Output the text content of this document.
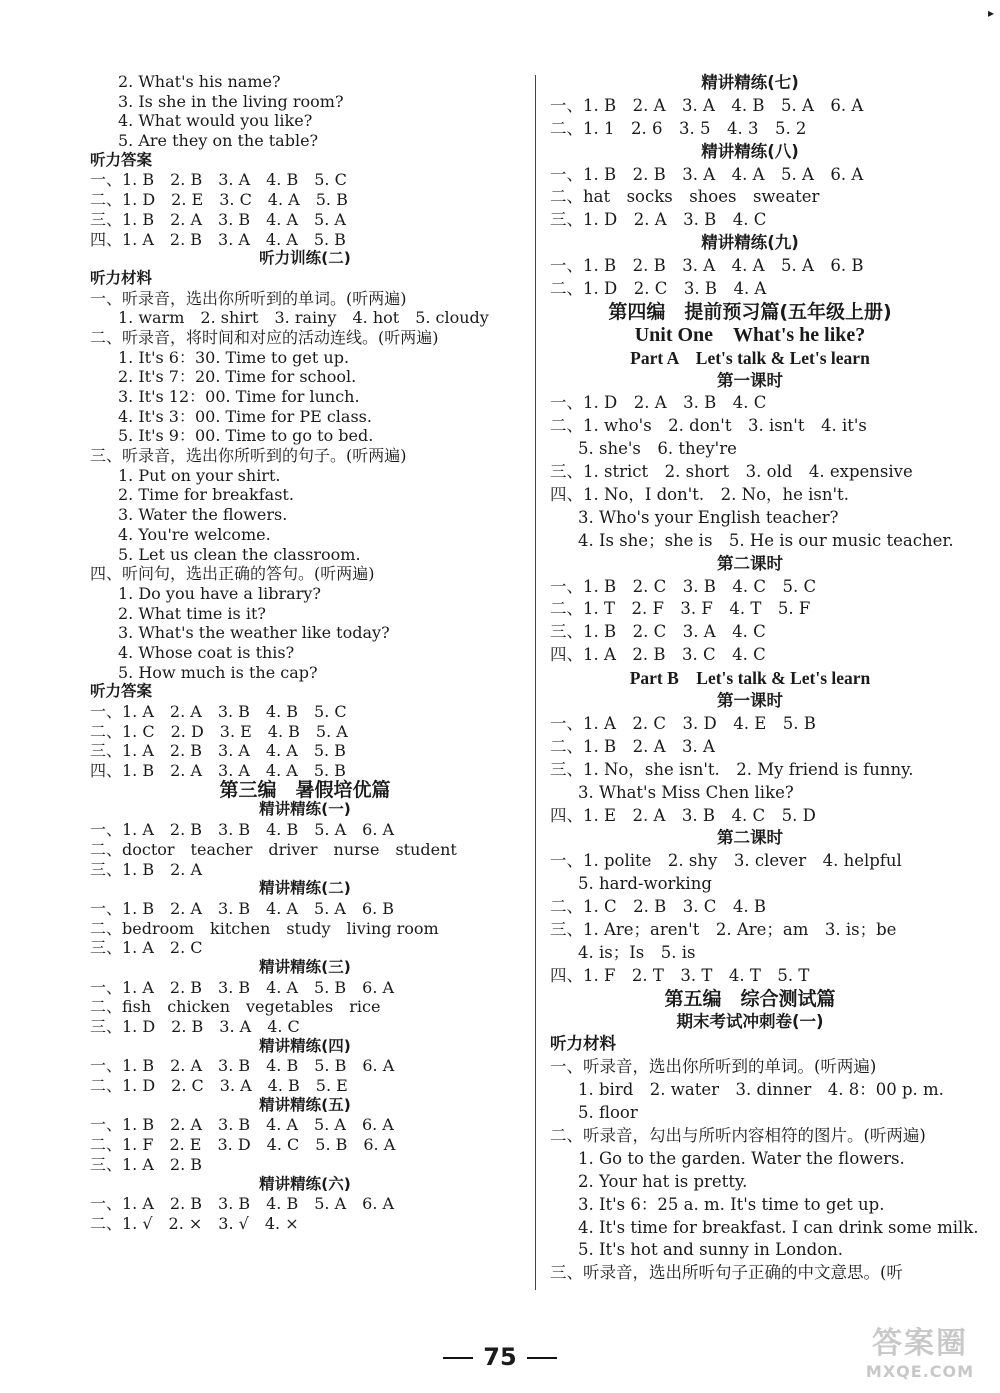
▸
2. What's his name?
3. Is she in the living room?
4. What would you like?
5. Are they on the table?
听力答案
一、1. B　2. B　3. A　4. B　5. C
二、1. D　2. E　3. C　4. A　5. B
三、1. B　2. A　3. B　4. A　5. A
四、1. A　2. B　3. A　4. A　5. B
听力训练(二)
听力材料
一、听录音，选出你所听到的单词。(听两遍)
1. warm　2. shirt　3. rainy　4. hot　5. cloudy
二、听录音，将时间和对应的活动连线。(听两遍)
1. It's 6：30. Time to get up.
2. It's 7：20. Time for school.
3. It's 12：00. Time for lunch.
4. It's 3：00. Time for PE class.
5. It's 9：00. Time to go to bed.
三、听录音，选出你所听到的句子。(听两遍)
1. Put on your shirt.
2. Time for breakfast.
3. Water the flowers.
4. You're welcome.
5. Let us clean the classroom.
四、听问句，选出正确的答句。(听两遍)
1. Do you have a library?
2. What time is it?
3. What's the weather like today?
4. Whose coat is this?
5. How much is the cap?
听力答案
一、1. A　2. A　3. B　4. B　5. C
二、1. C　2. D　3. E　4. B　5. A
三、1. A　2. B　3. A　4. A　5. B
四、1. B　2. A　3. A　4. A　5. B
第三编　暑假培优篇
精讲精练(一)
一、1. A　2. B　3. B　4. B　5. A　6. A
二、doctor　teacher　driver　nurse　student
三、1. B　2. A
精讲精练(二)
一、1. B　2. A　3. B　4. A　5. A　6. B
二、bedroom　kitchen　study　living room
三、1. A　2. C
精讲精练(三)
一、1. A　2. B　3. B　4. A　5. B　6. A
二、fish　chicken　vegetables　rice
三、1. D　2. B　3. A　4. C
精讲精练(四)
一、1. B　2. A　3. B　4. B　5. B　6. A
二、1. D　2. C　3. A　4. B　5. E
精讲精练(五)
一、1. B　2. A　3. B　4. A　5. A　6. A
二、1. F　2. E　3. D　4. C　5. B　6. A
三、1. A　2. B
精讲精练(六)
一、1. A　2. B　3. B　4. B　5. A　6. A
二、1. √　2. ×　3. √　4. ×
精讲精练(七)
一、1. B　2. A　3. A　4. B　5. A　6. A
二、1. 1　2. 6　3. 5　4. 3　5. 2
精讲精练(八)
一、1. B　2. B　3. A　4. A　5. A　6. A
二、hat　socks　shoes　sweater
三、1. D　2. A　3. B　4. C
精讲精练(九)
一、1. B　2. B　3. A　4. A　5. A　6. B
二、1. D　2. C　3. B　4. A
第四编　提前预习篇(五年级上册)
Unit One　What's he like?
Part A　Let's talk & Let's learn
第一课时
一、1. D　2. A　3. B　4. C
二、1. who's　2. don't　3. isn't　4. it's
5. she's　6. they're
三、1. strict　2. short　3. old　4. expensive
四、1. No，I don't.　2. No，he isn't.
3. Who's your English teacher?
4. Is she；she is　5. He is our music teacher.
第二课时
一、1. B　2. C　3. B　4. C　5. C
二、1. T　2. F　3. F　4. T　5. F
三、1. B　2. C　3. A　4. C
四、1. A　2. B　3. C　4. C
Part B　Let's talk & Let's learn
第一课时
一、1. A　2. C　3. D　4. E　5. B
二、1. B　2. A　3. A
三、1. No，she isn't.　2. My friend is funny.
3. What's Miss Chen like?
四、1. E　2. A　3. B　4. C　5. D
第二课时
一、1. polite　2. shy　3. clever　4. helpful
5. hard-working
二、1. C　2. B　3. C　4. B
三、1. Are；aren't　2. Are；am　3. is；be
4. is；Is　5. is
四、1. F　2. T　3. T　4. T　5. T
第五编　综合测试篇
期末考试冲刺卷(一)
听力材料
一、听录音，选出你所听到的单词。(听两遍)
1. bird　2. water　3. dinner　4. 8：00 p. m.
5. floor
二、听录音，勾出与所听内容相符的图片。(听两遍)
1. Go to the garden. Water the flowers.
2. Your hat is pretty.
3. It's 6：25 a. m. It's time to get up.
4. It's time for breakfast. I can drink some milk.
5. It's hot and sunny in London.
三、听录音，选出所听句子正确的中文意思。(听
75	答案圈
MXQE.COM
